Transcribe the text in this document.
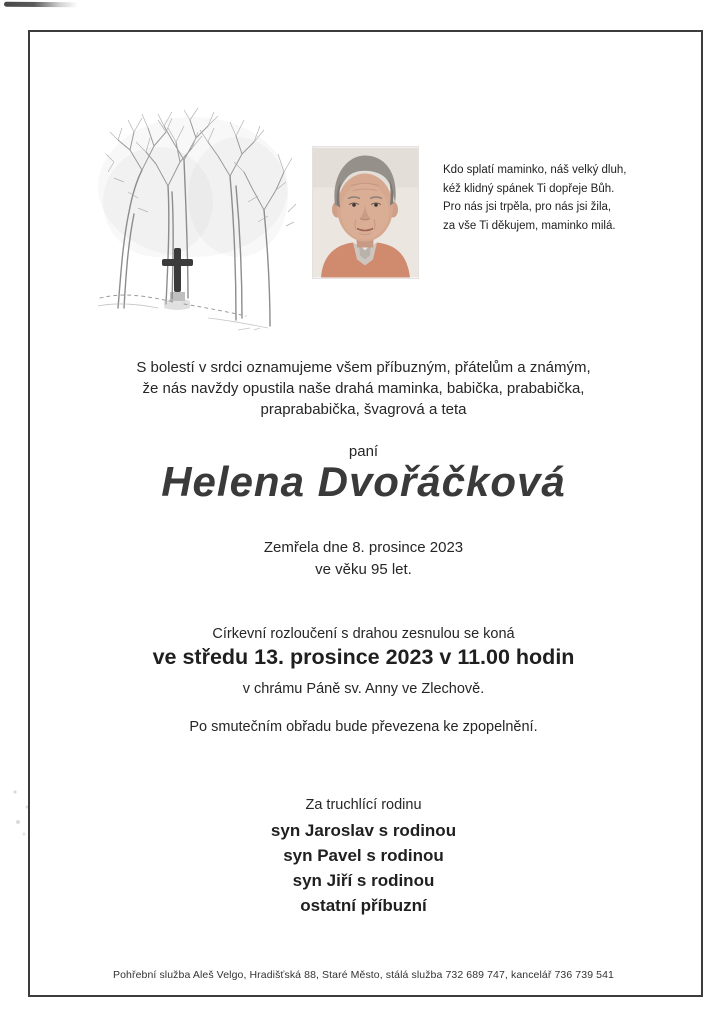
Kdo splatí maminko, náš velký dluh,
kéž klidný spánek Ti dopřeje Bůh.
Pro nás jsi trpěla, pro nás jsi žila,
za vše Ti děkujem, maminko milá.
S bolestí v srdci oznamujeme všem příbuzným, přátelům a známým,
že nás navždy opustila naše drahá maminka, babička, prababička,
praprababička, švagrová a teta
paní
Helena Dvořáčková
Zemřela dne 8. prosince 2023
ve věku 95 let.
Církevní rozloučení s drahou zesnulou se koná
ve středu 13. prosince 2023 v 11.00 hodin
v chrámu Páně sv. Anny ve Zlechově.
Po smutečním obřadu bude převezena ke zpopelnění.
Za truchlící rodinu
syn Jaroslav s rodinou
syn Pavel s rodinou
syn Jiří s rodinou
ostatní příbuzní
Pohřební služba Aleš Velgo, Hradišťská 88, Staré Město, stálá služba 732 689 747, kancelář 736 739 541
